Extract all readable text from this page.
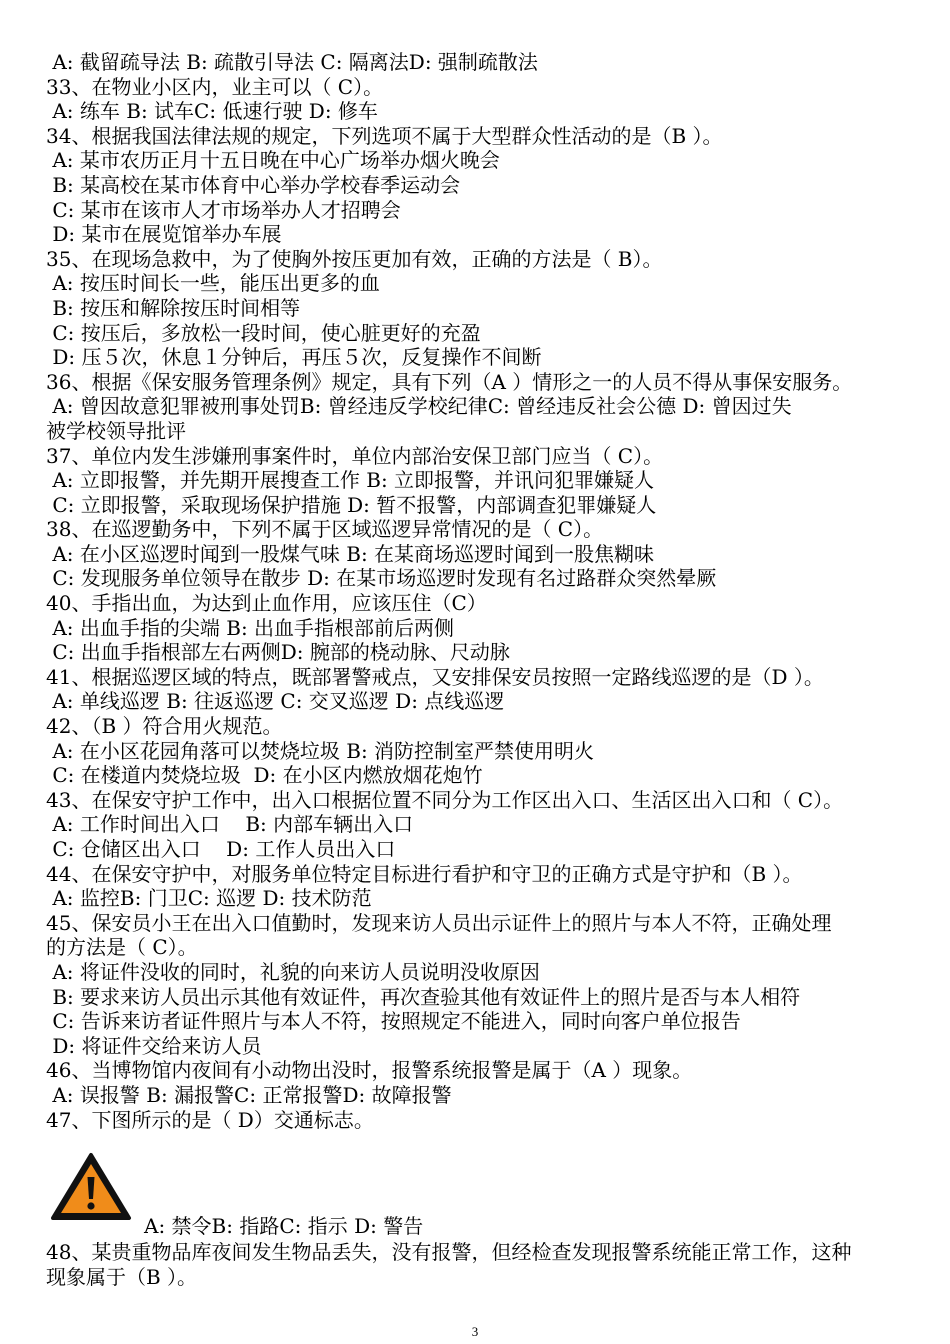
A: 截留疏导法 B: 疏散引导法 C: 隔离法D: 强制疏散法
33、在物业小区内，业主可以（ C）。
A: 练车 B: 试车C: 低速行驶 D: 修车
34、根据我国法律法规的规定，下列选项不属于大型群众性活动的是（B ）。
A: 某市农历正月十五日晚在中心广场举办烟火晚会
B: 某高校在某市体育中心举办学校春季运动会
C: 某市在该市人才市场举办人才招聘会
D: 某市在展览馆举办车展
35、在现场急救中，为了使胸外按压更加有效，正确的方法是（ B）。
A: 按压时间长一些，能压出更多的血
B: 按压和解除按压时间相等
C: 按压后，多放松一段时间，使心脏更好的充盈
D: 压５次，休息１分钟后，再压５次，反复操作不间断
36、根据《保安服务管理条例》规定，具有下列（A ）情形之一的人员不得从事保安服务。
A: 曾因故意犯罪被刑事处罚B: 曾经违反学校纪律C: 曾经违反社会公德 D: 曾因过失
被学校领导批评
37、单位内发生涉嫌刑事案件时，单位内部治安保卫部门应当（ C）。
A: 立即报警，并先期开展搜查工作 B: 立即报警，并讯问犯罪嫌疑人
C: 立即报警，采取现场保护措施 D: 暂不报警，内部调查犯罪嫌疑人
38、在巡逻勤务中，下列不属于区域巡逻异常情况的是（ C）。
A: 在小区巡逻时闻到一股煤气味 B: 在某商场巡逻时闻到一股焦糊味
C: 发现服务单位领导在散步 D: 在某市场巡逻时发现有名过路群众突然晕厥
40、手指出血，为达到止血作用，应该压住（C）
A: 出血手指的尖端 B: 出血手指根部前后两侧
C: 出血手指根部左右两侧D: 腕部的桡动脉、尺动脉
41、根据巡逻区域的特点，既部署警戒点，又安排保安员按照一定路线巡逻的是（D ）。
A: 单线巡逻 B: 往返巡逻 C: 交叉巡逻 D: 点线巡逻
42、（B ）符合用火规范。
A: 在小区花园角落可以焚烧垃圾 B: 消防控制室严禁使用明火
C: 在楼道内焚烧垃圾  D: 在小区内燃放烟花炮竹
43、在保安守护工作中，出入口根据位置不同分为工作区出入口、生活区出入口和（ C）。
A: 工作时间出入口    B: 内部车辆出入口
C: 仓储区出入口    D: 工作人员出入口
44、在保安守护中，对服务单位特定目标进行看护和守卫的正确方式是守护和（B ）。
A: 监控B: 门卫C: 巡逻 D: 技术防范
45、保安员小王在出入口值勤时，发现来访人员出示证件上的照片与本人不符，正确处理
的方法是（ C）。
A: 将证件没收的同时，礼貌的向来访人员说明没收原因
B: 要求来访人员出示其他有效证件，再次查验其他有效证件上的照片是否与本人相符
C: 告诉来访者证件照片与本人不符，按照规定不能进入，同时向客户单位报告
D: 将证件交给来访人员
46、当博物馆内夜间有小动物出没时，报警系统报警是属于（A ）现象。
A: 误报警 B: 漏报警C: 正常报警D: 故障报警
47、下图所示的是（ D）交通标志。
A: 禁令B: 指路C: 指示 D: 警告
48、某贵重物品库夜间发生物品丢失，没有报警，但经检查发现报警系统能正常工作，这种
现象属于（B ）。
3
